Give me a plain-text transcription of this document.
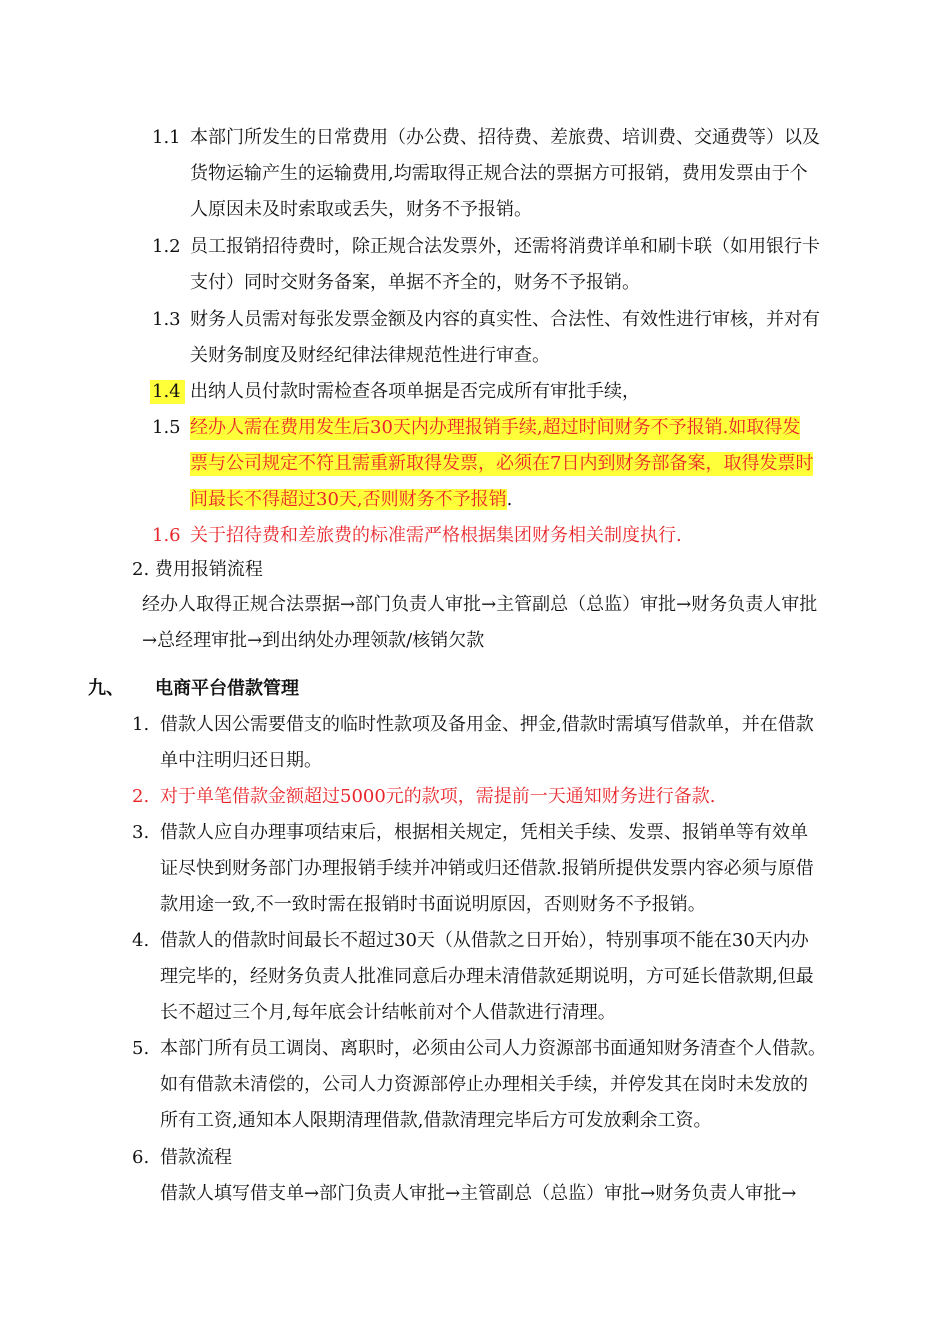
1.1 本部门所发生的日常费用（办公费、招待费、差旅费、培训费、交通费等）以及
货物运输产生的运输费用,均需取得正规合法的票据方可报销，费用发票由于个
人原因未及时索取或丢失，财务不予报销。
1.2 员工报销招待费时，除正规合法发票外，还需将消费详单和刷卡联（如用银行卡
支付）同时交财务备案，单据不齐全的，财务不予报销。
1.3 财务人员需对每张发票金额及内容的真实性、合法性、有效性进行审核，并对有
关财务制度及财经纪律法律规范性进行审查。
1.4 出纳人员付款时需检查各项单据是否完成所有审批手续，
1.5 经办人需在费用发生后30天内办理报销手续,超过时间财务不予报销.如取得发
票与公司规定不符且需重新取得发票，必须在7日内到财务部备案，取得发票时
间最长不得超过30天,否则财务不予报销.
1.6 关于招待费和差旅费的标准需严格根据集团财务相关制度执行.
2. 费用报销流程
经办人取得正规合法票据→部门负责人审批→主管副总（总监）审批→财务负责人审批
→总经理审批→到出纳处办理领款/核销欠款
九、 电商平台借款管理
1. 借款人因公需要借支的临时性款项及备用金、押金,借款时需填写借款单，并在借款
单中注明归还日期。
2. 对于单笔借款金额超过5000元的款项，需提前一天通知财务进行备款.
3. 借款人应自办理事项结束后，根据相关规定，凭相关手续、发票、报销单等有效单
证尽快到财务部门办理报销手续并冲销或归还借款.报销所提供发票内容必须与原借
款用途一致,不一致时需在报销时书面说明原因，否则财务不予报销。
4. 借款人的借款时间最长不超过30天（从借款之日开始），特别事项不能在30天内办
理完毕的，经财务负责人批准同意后办理未清借款延期说明，方可延长借款期,但最
长不超过三个月,每年底会计结帐前对个人借款进行清理。
5. 本部门所有员工调岗、离职时，必须由公司人力资源部书面通知财务清查个人借款。
如有借款未清偿的，公司人力资源部停止办理相关手续，并停发其在岗时未发放的
所有工资,通知本人限期清理借款,借款清理完毕后方可发放剩余工资。
6. 借款流程
借款人填写借支单→部门负责人审批→主管副总（总监）审批→财务负责人审批→
